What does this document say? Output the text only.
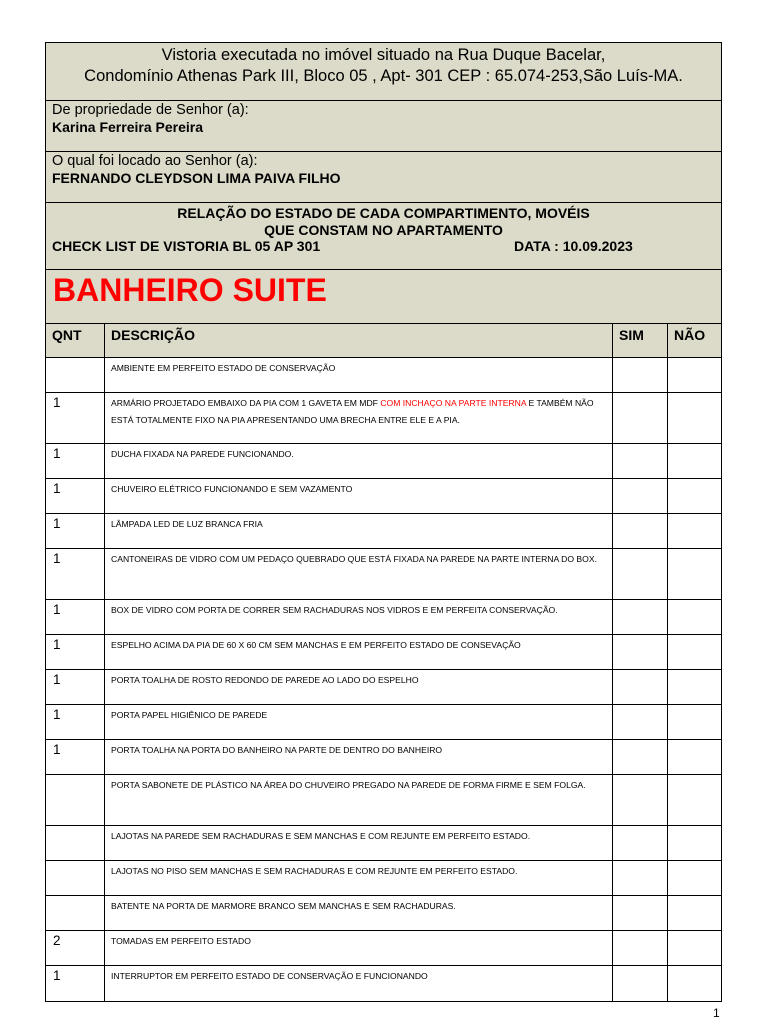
Vistoria executada no imóvel situado na Rua Duque Bacelar,
Condomínio Athenas Park III, Bloco 05 , Apt- 301 CEP : 65.074-253,São Luís-MA.
De propriedade de Senhor (a):
Karina Ferreira Pereira
O qual foi locado ao Senhor (a):
FERNANDO CLEYDSON LIMA PAIVA FILHO
RELAÇÃO DO ESTADO DE CADA COMPARTIMENTO, MOVÉIS
QUE CONSTAM NO APARTAMENTO
CHECK LIST DE VISTORIA BL 05 AP 301	DATA : 10.09.2023
BANHEIRO SUITE
QNT	DESCRIÇÃO	SIM	NÃO
AMBIENTE EM PERFEITO ESTADO DE CONSERVAÇÃO
1	ARMÁRIO PROJETADO EMBAIXO DA PIA COM 1 GAVETA EM MDF COM INCHAÇO NA PARTE INTERNA E TAMBÉM NÃO ESTÁ TOTALMENTE FIXO NA PIA APRESENTANDO UMA BRECHA ENTRE ELE E A PIA.
1	DUCHA FIXADA NA PAREDE FUNCIONANDO.
1	CHUVEIRO ELÉTRICO FUNCIONANDO E SEM VAZAMENTO
1	LÂMPADA LED DE LUZ BRANCA FRIA
1	CANTONEIRAS DE VIDRO COM UM PEDAÇO QUEBRADO QUE ESTÁ FIXADA NA PAREDE NA PARTE INTERNA DO BOX.
1	BOX DE VIDRO COM PORTA DE CORRER SEM RACHADURAS NOS VIDROS E EM PERFEITA CONSERVAÇÃO.
1	ESPELHO ACIMA DA PIA DE 60 X 60 CM SEM MANCHAS E EM PERFEITO ESTADO DE CONSEVAÇÃO
1	PORTA TOALHA DE ROSTO REDONDO DE PAREDE AO LADO DO ESPELHO
1	PORTA PAPEL HIGIÊNICO DE PAREDE
1	PORTA TOALHA NA PORTA DO BANHEIRO NA PARTE DE DENTRO DO BANHEIRO
PORTA SABONETE DE PLÁSTICO NA ÁREA DO CHUVEIRO PREGADO NA PAREDE DE FORMA FIRME E SEM FOLGA.
LAJOTAS NA PAREDE SEM RACHADURAS E SEM MANCHAS E COM REJUNTE EM PERFEITO ESTADO.
LAJOTAS NO PISO SEM MANCHAS E SEM RACHADURAS E COM REJUNTE EM PERFEITO ESTADO.
BATENTE NA PORTA DE MARMORE BRANCO SEM MANCHAS E SEM RACHADURAS.
2	TOMADAS EM PERFEITO ESTADO
1	INTERRUPTOR EM PERFEITO ESTADO DE CONSERVAÇÃO E FUNCIONANDO
1
